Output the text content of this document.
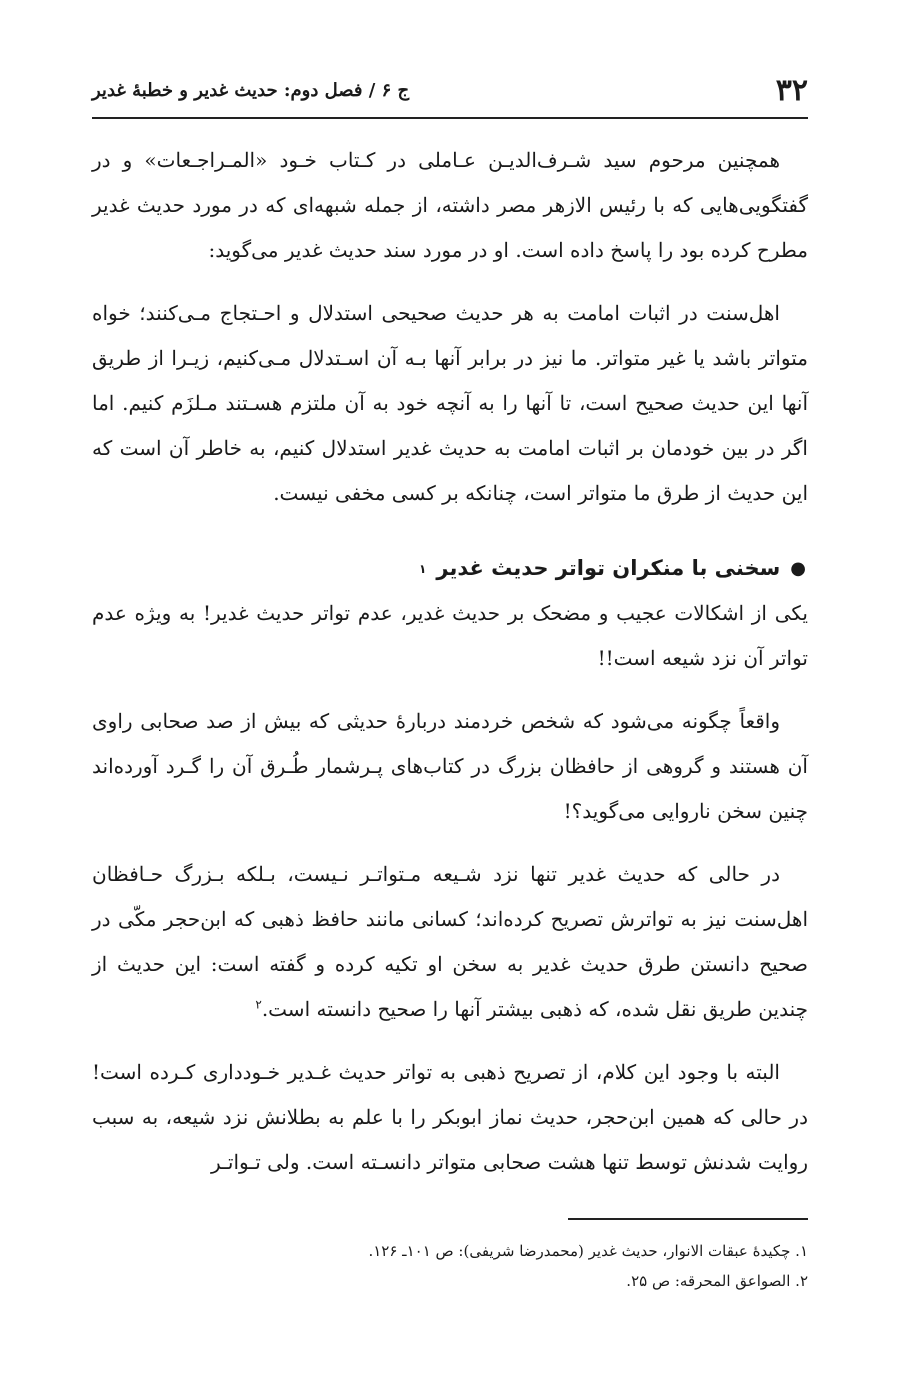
۳۲
ج ۶ / فصل دوم: حدیث غدیر و خطبهٔ غدیر

همچنین مرحوم سید شـرف‌الدیـن عـاملی در کـتاب خـود «المـراجـعات» و در گفتگویی‌هایی که با رئیس الازهر مصر داشته، از جمله شبهه‌ای که در مورد حدیث غدیر مطرح کرده بود را پاسخ داده است. او در مورد سند حدیث غدیر می‌گوید:

اهل‌سنت در اثبات امامت به هر حدیث صحیحی استدلال و احـتجاج مـی‌کنند؛ خواه متواتر باشد یا غیر متواتر. ما نیز در برابر آنها بـه آن اسـتدلال مـی‌کنیم، زیـرا از طریق آنها این حدیث صحیح است، تا آنها را به آنچه خود به آن ملتزم هسـتند مـلزَم کنیم. اما اگر در بین خودمان بر اثبات امامت به حدیث غدیر استدلال کنیم، به خاطر آن است که این حدیث از طرق ما متواتر است، چنانکه بر کسی مخفی نیست.

●
سخنی با منکران تواتر حدیث غدیر
۱

یکی از اشکالات عجیب و مضحک بر حدیث غدیر، عدم تواتر حدیث غدیر! به ویژه عدم تواتر آن نزد شیعه است!!

واقعاً چگونه می‌شود که شخص خردمند دربارهٔ حدیثی که بیش از صد صحابی راوی آن هستند و گروهی از حافظان بزرگ در کتاب‌های پـرشمار طُـرق آن را گـرد آورده‌اند چنین سخن ناروایی می‌گوید؟!

در حالی که حدیث غدیر تنها نزد شـیعه مـتواتـر نـیست، بـلکه بـزرگ حـافظان اهل‌سنت نیز به تواترش تصریح کرده‌اند؛ کسانی مانند حافظ ذهبی که ابن‌حجر مکّی در صحیح دانستن طرق حدیث غدیر به سخن او تکیه کرده و گفته است: این حدیث از چندین طریق نقل شده، که ذهبی بیشتر آنها را صحیح دانسته است.$^۲$

البته با وجود این کلام، از تصریح ذهبی به تواتر حدیث غـدیر خـودداری کـرده است! در حالی که همین ابن‌حجر، حدیث نماز ابوبکر را با علم به بطلانش نزد شیعه، به سبب روایت شدنش توسط تنها هشت صحابی متواتر دانسـته است. ولی تـواتـر

۱. چکیدهٔ عبقات الانوار، حدیث غدیر (محمدرضا شریفی): ص ۱۰۱ـ ۱۲۶.
۲. الصواعق المحرقه: ص ۲۵.
